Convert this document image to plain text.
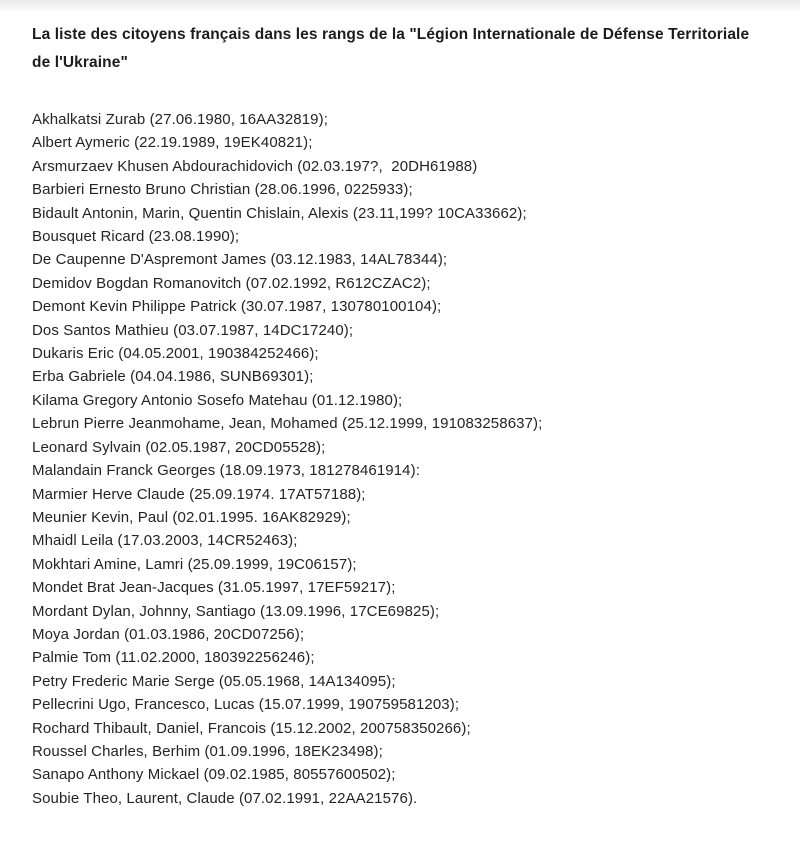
La liste des citoyens français dans les rangs de la "Légion Internationale de Défense Territoriale de l'Ukraine"

Akhalkatsi Zurab (27.06.1980, 16AA32819);

Albert Aymeric (22.19.1989, 19EK40821);

Arsmurzaev Khusen Abdourachidovich (02.03.197?,  20DH61988)

Barbieri Ernesto Bruno Christian (28.06.1996, 0225933);

Bidault Antonin, Marin, Quentin Chislain, Alexis (23.11,199? 10CA33662);

Bousquet Ricard (23.08.1990);

De Caupenne D'Aspremont James (03.12.1983, 14AL78344);

Demidov Bogdan Romanovitch (07.02.1992, R612CZAC2);

Demont Kevin Philippe Patrick (30.07.1987, 130780100104);

Dos Santos Mathieu (03.07.1987, 14DC17240);

Dukaris Eric (04.05.2001, 190384252466);

Erba Gabriele (04.04.1986, SUNB69301);

Kilama Gregory Antonio Sosefo Matehau (01.12.1980);

Lebrun Pierre Jeanmohame, Jean, Mohamed (25.12.1999, 191083258637);

Leonard Sylvain (02.05.1987, 20CD05528);

Malandain Franck Georges (18.09.1973, 181278461914):

Marmier Herve Claude (25.09.1974. 17AT57188);

Meunier Kevin, Paul (02.01.1995. 16AK82929);

Mhaidl Leila (17.03.2003, 14CR52463);

Mokhtari Amine, Lamri (25.09.1999, 19C06157);

Mondet Brat Jean-Jacques (31.05.1997, 17EF59217);

Mordant Dylan, Johnny, Santiago (13.09.1996, 17CE69825);

Moya Jordan (01.03.1986, 20CD07256);

Palmie Tom (11.02.2000, 180392256246);

Petry Frederic Marie Serge (05.05.1968, 14A134095);

Pellecrini Ugo, Francesco, Lucas (15.07.1999, 190759581203);

Rochard Thibault, Daniel, Francois (15.12.2002, 200758350266);

Roussel Charles, Berhim (01.09.1996, 18EK23498);

Sanapo Anthony Mickael (09.02.1985, 80557600502);

Soubie Theo, Laurent, Claude (07.02.1991, 22AA21576).
